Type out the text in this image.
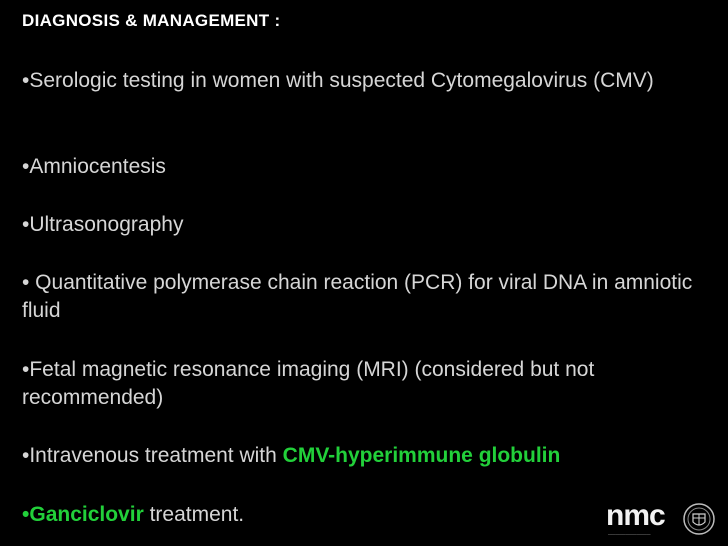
DIAGNOSIS & MANAGEMENT :

•Serologic testing in women with suspected Cytomegalovirus (CMV)

•Amniocentesis

•Ultrasonography

• Quantitative polymerase chain reaction (PCR) for viral DNA in amniotic fluid

•Fetal magnetic resonance imaging (MRI) (considered but not recommended)

•Intravenous treatment with CMV-hyperimmune globulin

•Ganciclovir treatment.	nmc
────────────
